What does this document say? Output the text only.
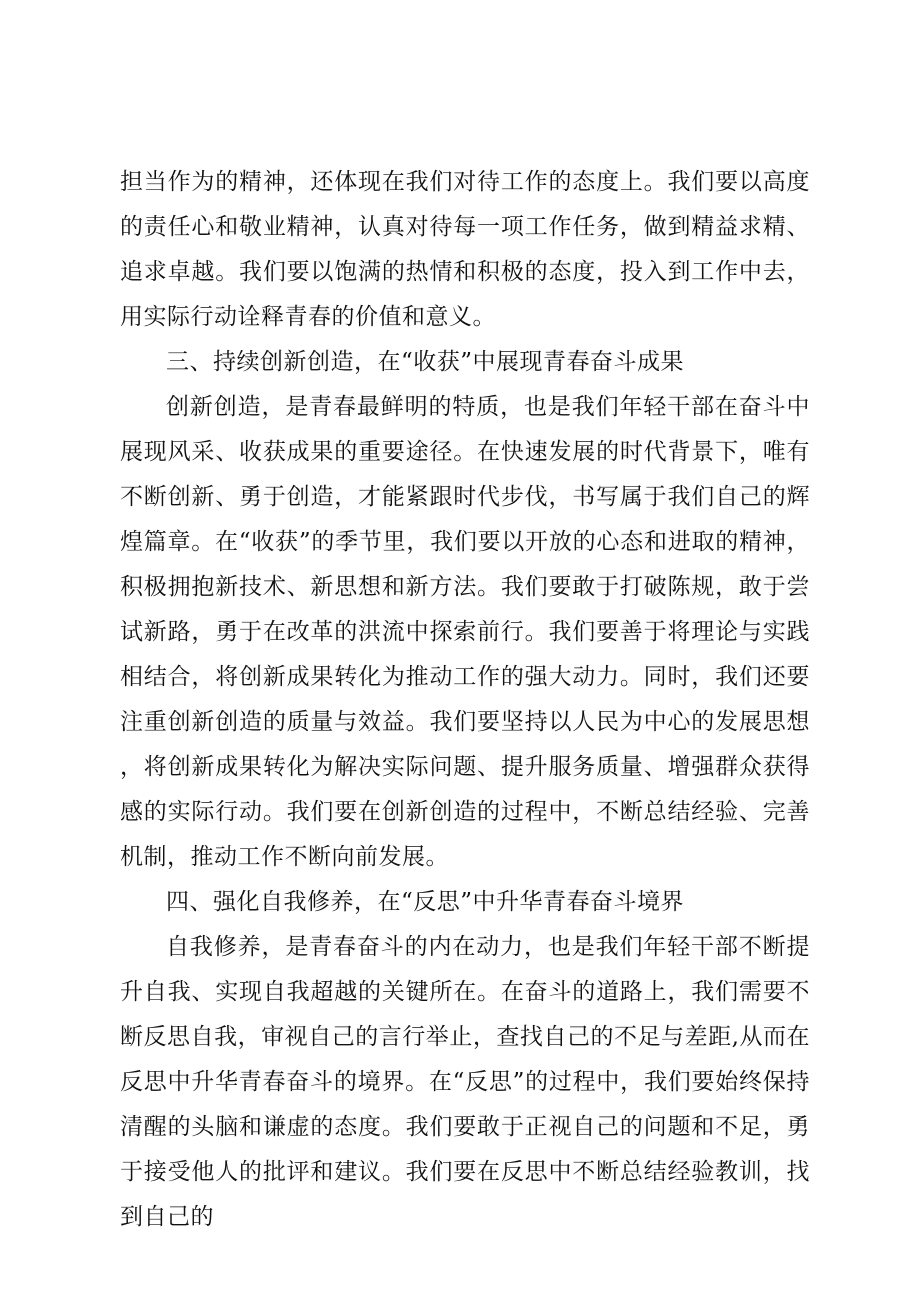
担当作为的精神，还体现在我们对待工作的态度上。我们要以高度的责任心和敬业精神，认真对待每一项工作任务，做到精益求精、追求卓越。我们要以饱满的热情和积极的态度，投入到工作中去，用实际行动诠释青春的价值和意义。

三、持续创新创造，在“收获”中展现青春奋斗成果

创新创造，是青春最鲜明的特质，也是我们年轻干部在奋斗中展现风采、收获成果的重要途径。在快速发展的时代背景下，唯有不断创新、勇于创造，才能紧跟时代步伐，书写属于我们自己的辉煌篇章。在“收获”的季节里，我们要以开放的心态和进取的精神，积极拥抱新技术、新思想和新方法。我们要敢于打破陈规，敢于尝试新路，勇于在改革的洪流中探索前行。我们要善于将理论与实践相结合，将创新成果转化为推动工作的强大动力。同时，我们还要注重创新创造的质量与效益。我们要坚持以人民为中心的发展思想，将创新成果转化为解决实际问题、提升服务质量、增强群众获得感的实际行动。我们要在创新创造的过程中，不断总结经验、完善机制，推动工作不断向前发展。

四、强化自我修养，在“反思”中升华青春奋斗境界

自我修养，是青春奋斗的内在动力，也是我们年轻干部不断提升自我、实现自我超越的关键所在。在奋斗的道路上，我们需要不断反思自我，审视自己的言行举止，查找自己的不足与差距,从而在反思中升华青春奋斗的境界。在“反思”的过程中，我们要始终保持清醒的头脑和谦虚的态度。我们要敢于正视自己的问题和不足，勇于接受他人的批评和建议。我们要在反思中不断总结经验教训，找到自己的
